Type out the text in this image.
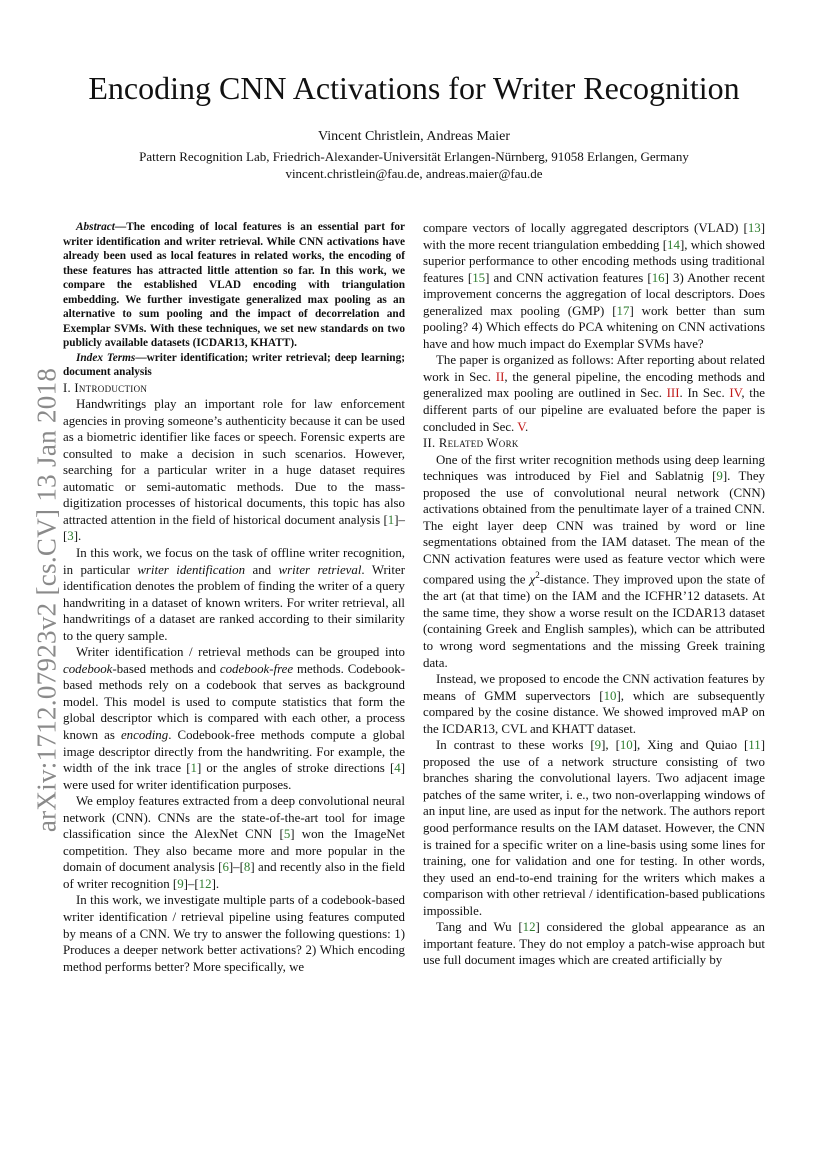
arXiv:1712.07923v2 [cs.CV] 13 Jan 2018
Encoding CNN Activations for Writer Recognition
Vincent Christlein, Andreas Maier
Pattern Recognition Lab, Friedrich-Alexander-Universität Erlangen-Nürnberg, 91058 Erlangen, Germany
vincent.christlein@fau.de, andreas.maier@fau.de

Abstract—The encoding of local features is an essential part for writer identification and writer retrieval. While CNN activations have already been used as local features in related works, the encoding of these features has attracted little attention so far. In this work, we compare the established VLAD encoding with triangulation embedding. We further investigate generalized max pooling as an alternative to sum pooling and the impact of decorrelation and Exemplar SVMs. With these techniques, we set new standards on two publicly available datasets (ICDAR13, KHATT).

Index Terms—writer identification; writer retrieval; deep learning; document analysis

I. Introduction

Handwritings play an important role for law enforcement agencies in proving someone’s authenticity because it can be used as a biometric identifier like faces or speech. Forensic experts are consulted to make a decision in such scenarios. However, searching for a particular writer in a huge dataset requires automatic or semi-automatic methods. Due to the mass-digitization processes of historical documents, this topic has also attracted attention in the field of historical document analysis [1]–[3].

In this work, we focus on the task of offline writer recognition, in particular writer identification and writer retrieval. Writer identification denotes the problem of finding the writer of a query handwriting in a dataset of known writers. For writer retrieval, all handwritings of a dataset are ranked according to their similarity to the query sample.

Writer identification / retrieval methods can be grouped into codebook-based methods and codebook-free methods. Codebook-based methods rely on a codebook that serves as background model. This model is used to compute statistics that form the global descriptor which is compared with each other, a process known as encoding. Codebook-free methods compute a global image descriptor directly from the handwriting. For example, the width of the ink trace [1] or the angles of stroke directions [4] were used for writer identification purposes.

We employ features extracted from a deep convolutional neural network (CNN). CNNs are the state-of-the-art tool for image classification since the AlexNet CNN [5] won the ImageNet competition. They also became more and more popular in the domain of document analysis [6]–[8] and recently also in the field of writer recognition [9]–[12].

In this work, we investigate multiple parts of a codebook-based writer identification / retrieval pipeline using features computed by means of a CNN. We try to answer the following questions: 1) Produces a deeper network better activations? 2) Which encoding method performs better? More specifically, we

compare vectors of locally aggregated descriptors (VLAD) [13] with the more recent triangulation embedding [14], which showed superior performance to other encoding methods using traditional features [15] and CNN activation features [16] 3) Another recent improvement concerns the aggregation of local descriptors. Does generalized max pooling (GMP) [17] work better than sum pooling? 4) Which effects do PCA whitening on CNN activations have and how much impact do Exemplar SVMs have?

The paper is organized as follows: After reporting about related work in Sec. II, the general pipeline, the encoding methods and generalized max pooling are outlined in Sec. III. In Sec. IV, the different parts of our pipeline are evaluated before the paper is concluded in Sec. V.

II. Related Work

One of the first writer recognition methods using deep learning techniques was introduced by Fiel and Sablatnig [9]. They proposed the use of convolutional neural network (CNN) activations obtained from the penultimate layer of a trained CNN. The eight layer deep CNN was trained by word or line segmentations obtained from the IAM dataset. The mean of the CNN activation features were used as feature vector which were compared using the $\chi^2$-distance. They improved upon the state of the art (at that time) on the IAM and the ICFHR’12 datasets. At the same time, they show a worse result on the ICDAR13 dataset (containing Greek and English samples), which can be attributed to wrong word segmentations and the missing Greek training data.

Instead, we proposed to encode the CNN activation features by means of GMM supervectors [10], which are subsequently compared by the cosine distance. We showed improved mAP on the ICDAR13, CVL and KHATT dataset.

In contrast to these works [9], [10], Xing and Quiao [11] proposed the use of a network structure consisting of two branches sharing the convolutional layers. Two adjacent image patches of the same writer, i. e., two non-overlapping windows of an input line, are used as input for the network. The authors report good performance results on the IAM dataset. However, the CNN is trained for a specific writer on a line-basis using some lines for training, one for validation and one for testing. In other words, they used an end-to-end training for the writers which makes a comparison with other retrieval / identification-based publications impossible.

Tang and Wu [12] considered the global appearance as an important feature. They do not employ a patch-wise approach but use full document images which are created artificially by
